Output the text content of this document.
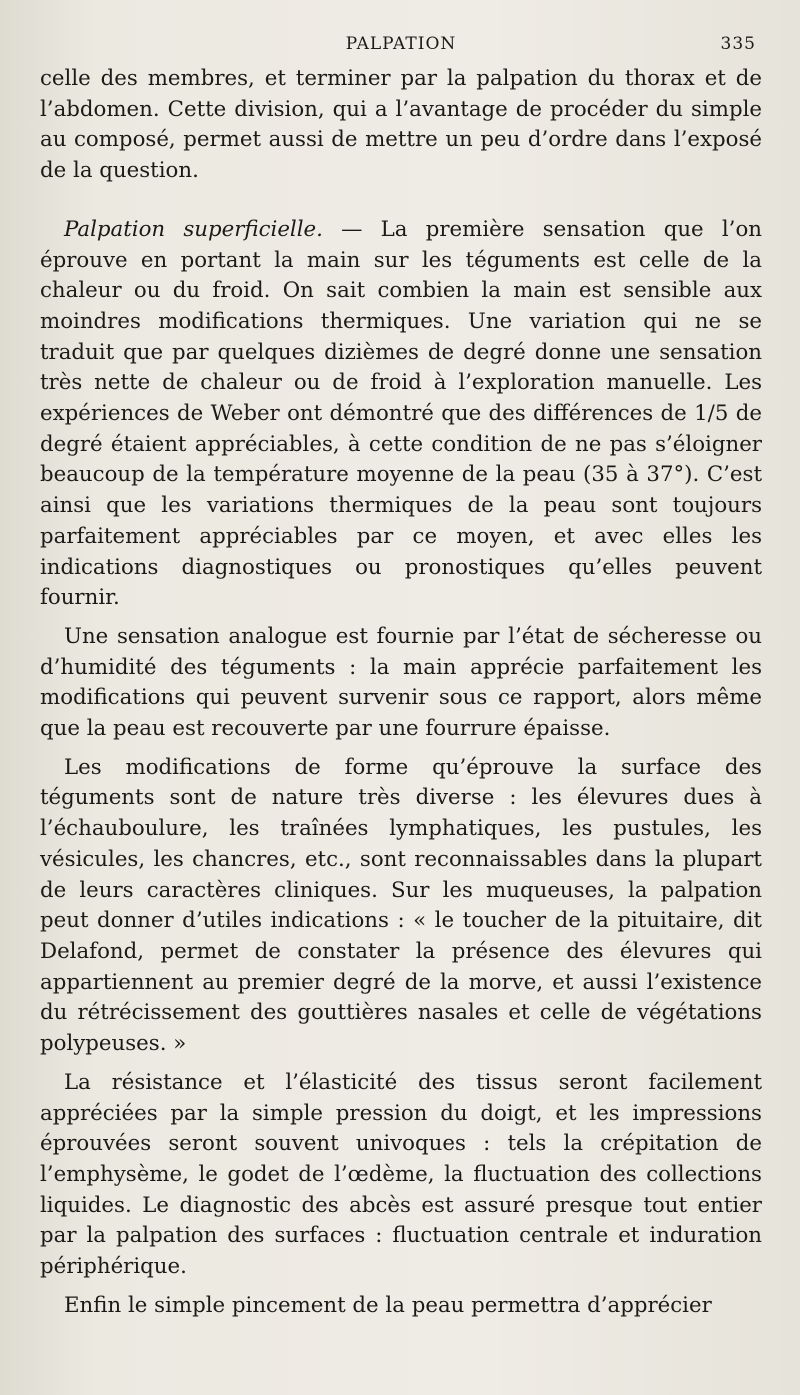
PALPATION	335

celle des membres, et terminer par la palpation du thorax et de l’abdomen. Cette division, qui a l’avantage de procéder du simple au composé, permet aussi de mettre un peu d’ordre dans l’exposé de la question.

Palpation superficielle. — La première sensation que l’on éprouve en portant la main sur les téguments est celle de la chaleur ou du froid. On sait combien la main est sensible aux moindres modifications thermiques. Une variation qui ne se traduit que par quelques dizièmes de degré donne une sensation très nette de chaleur ou de froid à l’exploration manuelle. Les expériences de Weber ont démontré que des différences de 1/5 de degré étaient appréciables, à cette condition de ne pas s’éloigner beaucoup de la température moyenne de la peau (35 à 37°). C’est ainsi que les variations thermiques de la peau sont toujours parfaitement appréciables par ce moyen, et avec elles les indications diagnostiques ou pronostiques qu’elles peuvent fournir.

Une sensation analogue est fournie par l’état de sécheresse ou d’humidité des téguments : la main apprécie parfaitement les modifications qui peuvent survenir sous ce rapport, alors même que la peau est recouverte par une fourrure épaisse.

Les modifications de forme qu’éprouve la surface des téguments sont de nature très diverse : les élevures dues à l’échauboulure, les traînées lymphatiques, les pustules, les vésicules, les chancres, etc., sont reconnaissables dans la plupart de leurs caractères cliniques. Sur les muqueuses, la palpation peut donner d’utiles indications : « le toucher de la pituitaire, dit Delafond, permet de constater la présence des élevures qui appartiennent au premier degré de la morve, et aussi l’existence du rétrécissement des gouttières nasales et celle de végétations polypeuses. »

La résistance et l’élasticité des tissus seront facilement appréciées par la simple pression du doigt, et les impressions éprouvées seront souvent univoques : tels la crépitation de l’emphysème, le godet de l’œdème, la fluctuation des collections liquides. Le diagnostic des abcès est assuré presque tout entier par la palpation des surfaces : fluctuation centrale et induration périphérique.

Enfin le simple pincement de la peau permettra d’apprécier
